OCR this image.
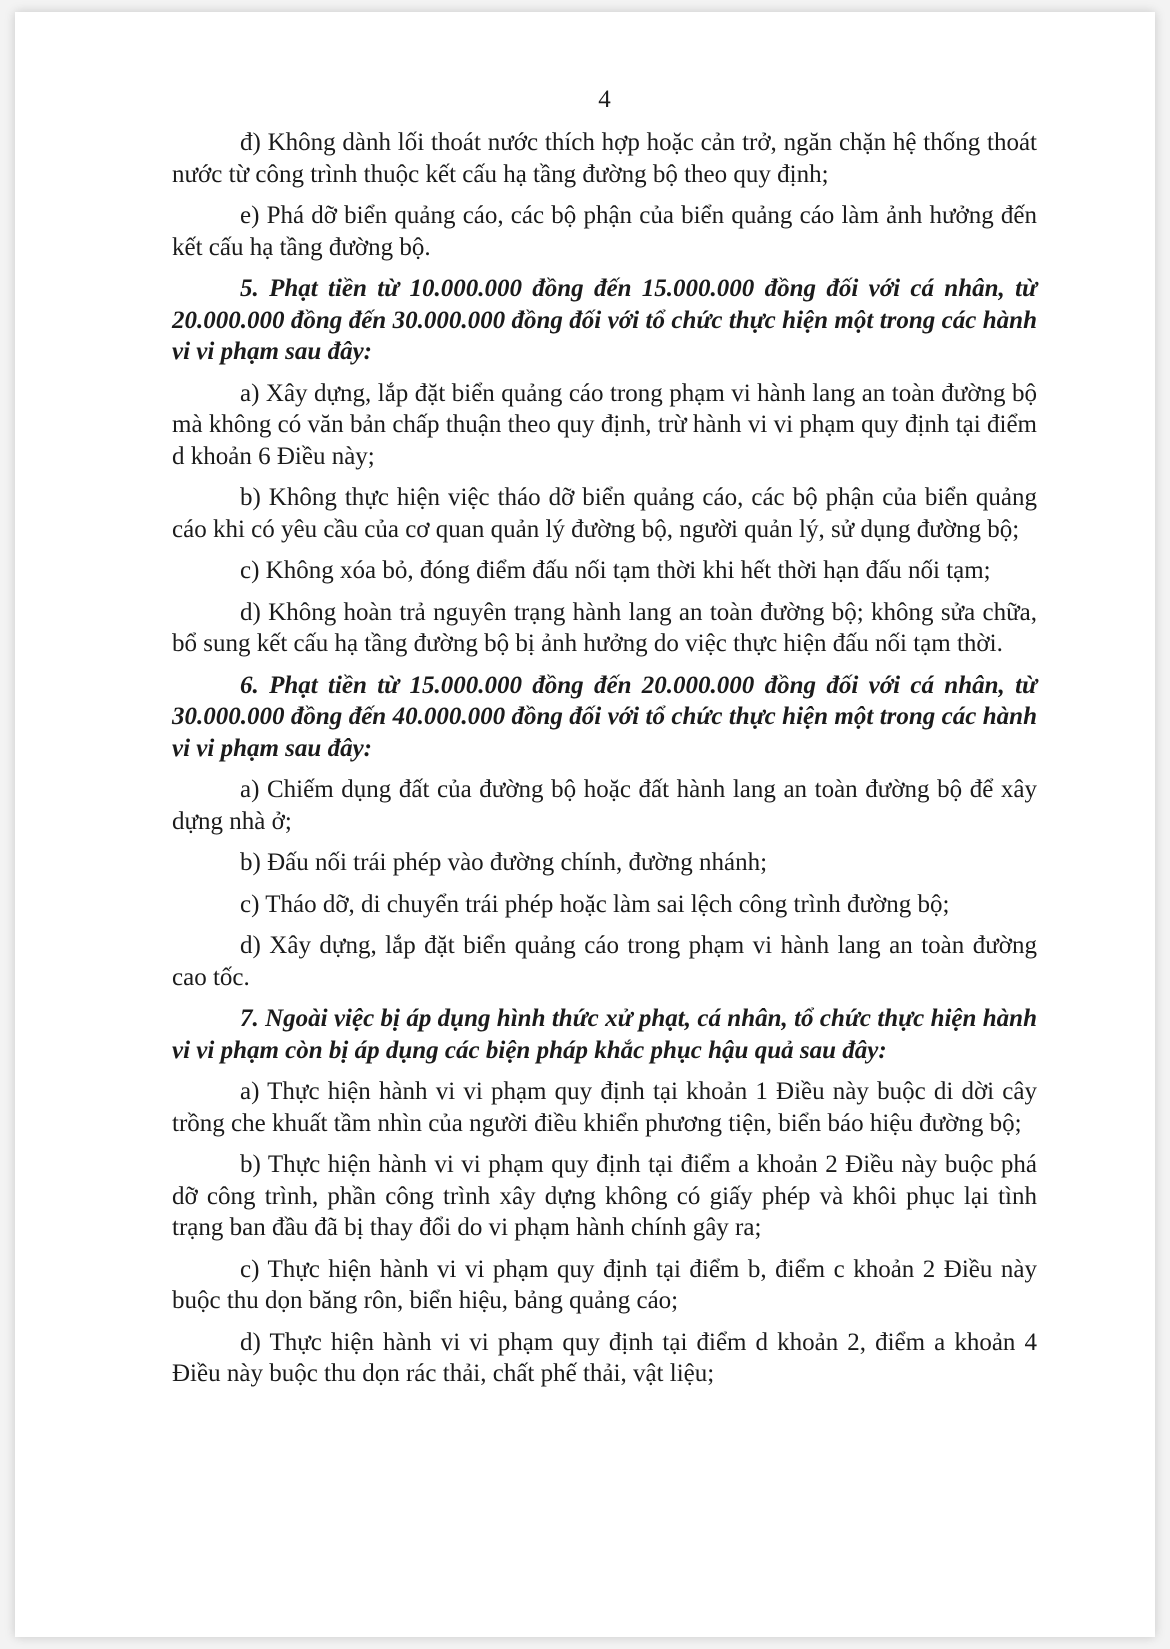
4

đ) Không dành lối thoát nước thích hợp hoặc cản trở, ngăn chặn hệ thống thoát nước từ công trình thuộc kết cấu hạ tầng đường bộ theo quy định;

e) Phá dỡ biển quảng cáo, các bộ phận của biển quảng cáo làm ảnh hưởng đến kết cấu hạ tầng đường bộ.

5. Phạt tiền từ 10.000.000 đồng đến 15.000.000 đồng đối với cá nhân, từ 20.000.000 đồng đến 30.000.000 đồng đối với tổ chức thực hiện một trong các hành vi vi phạm sau đây:

a) Xây dựng, lắp đặt biển quảng cáo trong phạm vi hành lang an toàn đường bộ mà không có văn bản chấp thuận theo quy định, trừ hành vi vi phạm quy định tại điểm d khoản 6 Điều này;

b) Không thực hiện việc tháo dỡ biển quảng cáo, các bộ phận của biển quảng cáo khi có yêu cầu của cơ quan quản lý đường bộ, người quản lý, sử dụng đường bộ;

c) Không xóa bỏ, đóng điểm đấu nối tạm thời khi hết thời hạn đấu nối tạm;

d) Không hoàn trả nguyên trạng hành lang an toàn đường bộ; không sửa chữa, bổ sung kết cấu hạ tầng đường bộ bị ảnh hưởng do việc thực hiện đấu nối tạm thời.

6. Phạt tiền từ 15.000.000 đồng đến 20.000.000 đồng đối với cá nhân, từ 30.000.000 đồng đến 40.000.000 đồng đối với tổ chức thực hiện một trong các hành vi vi phạm sau đây:

a) Chiếm dụng đất của đường bộ hoặc đất hành lang an toàn đường bộ để xây dựng nhà ở;

b) Đấu nối trái phép vào đường chính, đường nhánh;

c) Tháo dỡ, di chuyển trái phép hoặc làm sai lệch công trình đường bộ;

d) Xây dựng, lắp đặt biển quảng cáo trong phạm vi hành lang an toàn đường cao tốc.

7. Ngoài việc bị áp dụng hình thức xử phạt, cá nhân, tổ chức thực hiện hành vi vi phạm còn bị áp dụng các biện pháp khắc phục hậu quả sau đây:

a) Thực hiện hành vi vi phạm quy định tại khoản 1 Điều này buộc di dời cây trồng che khuất tầm nhìn của người điều khiển phương tiện, biển báo hiệu đường bộ;

b) Thực hiện hành vi vi phạm quy định tại điểm a khoản 2 Điều này buộc phá dỡ công trình, phần công trình xây dựng không có giấy phép và khôi phục lại tình trạng ban đầu đã bị thay đổi do vi phạm hành chính gây ra;

c) Thực hiện hành vi vi phạm quy định tại điểm b, điểm c khoản 2 Điều này buộc thu dọn băng rôn, biển hiệu, bảng quảng cáo;

d) Thực hiện hành vi vi phạm quy định tại điểm d khoản 2, điểm a khoản 4 Điều này buộc thu dọn rác thải, chất phế thải, vật liệu;
